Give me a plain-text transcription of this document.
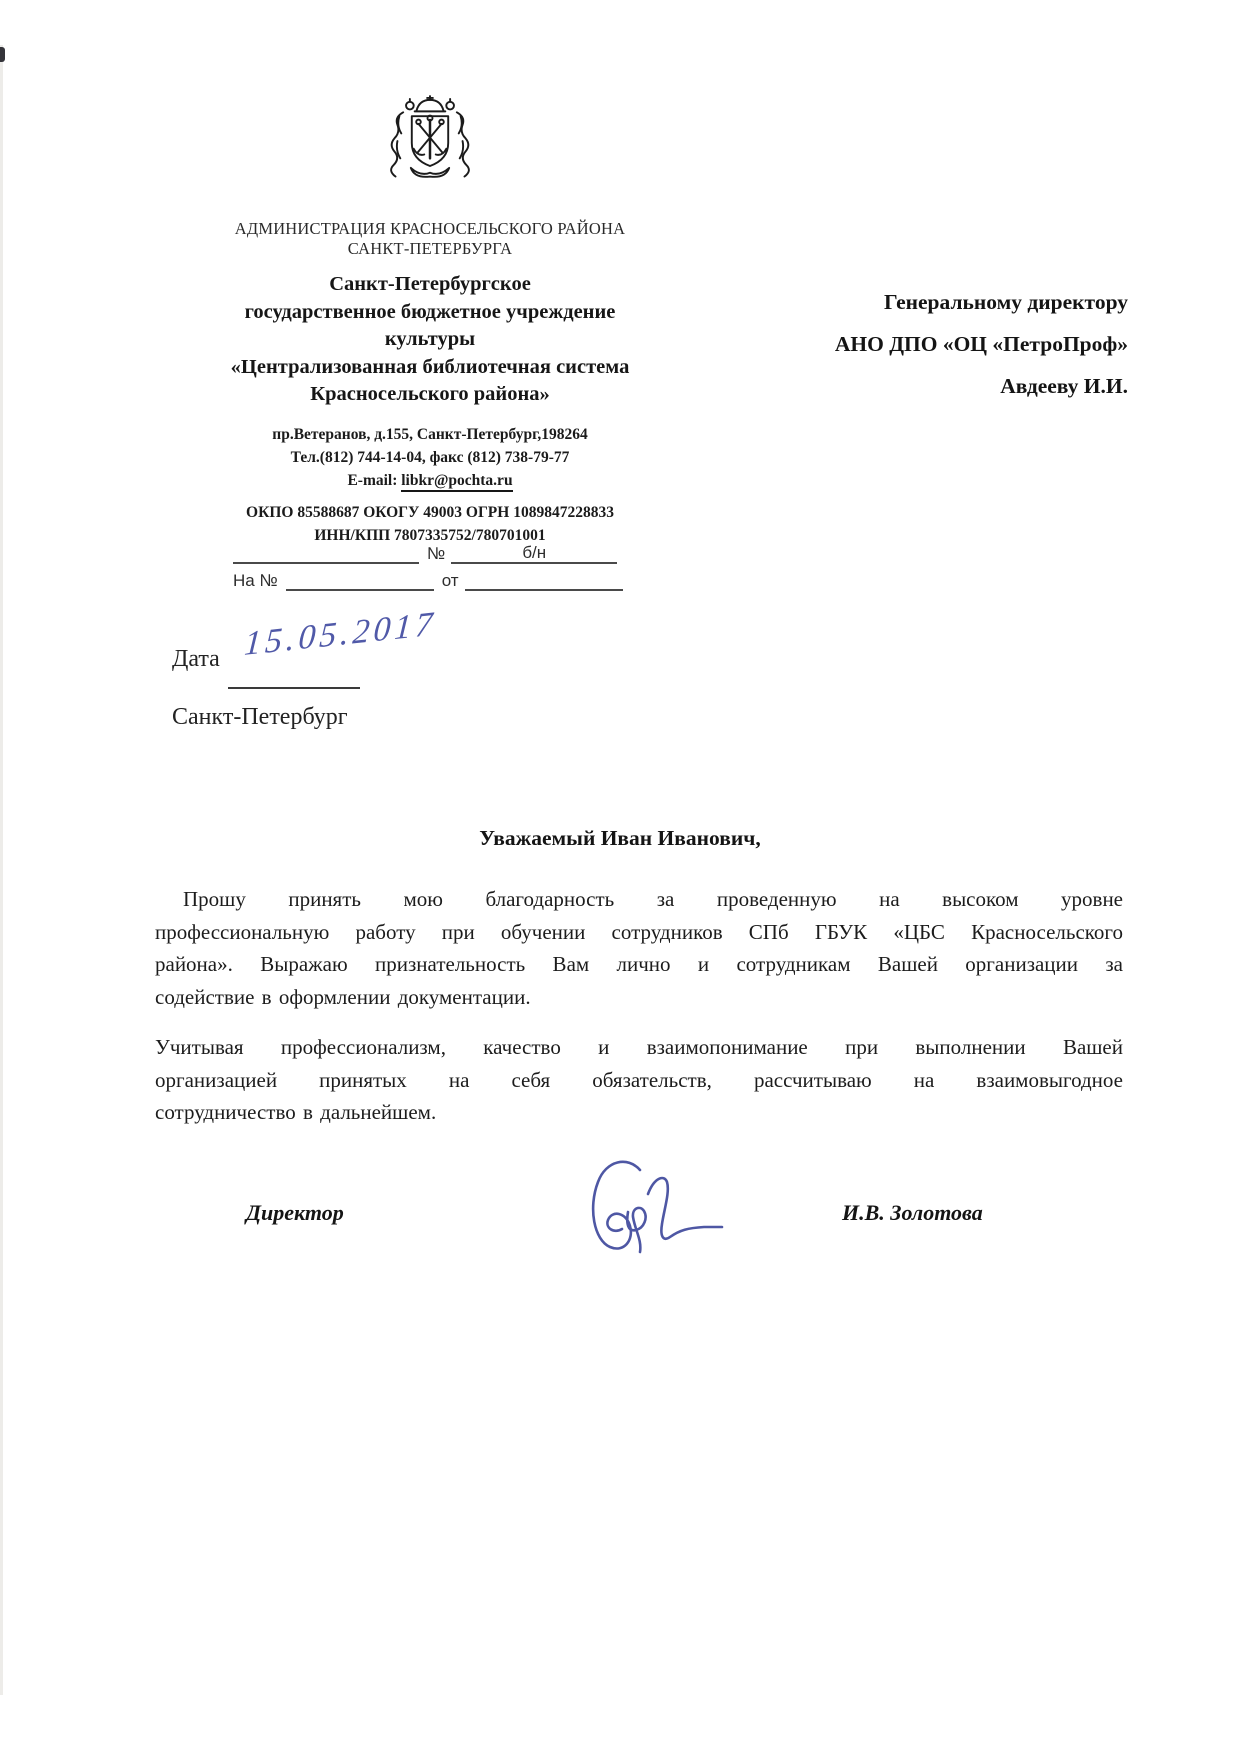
АДМИНИСТРАЦИЯ КРАСНОСЕЛЬСКОГО РАЙОНА
САНКТ-ПЕТЕРБУРГА
Санкт-Петербургское
государственное бюджетное учреждение
культуры
«Централизованная библиотечная система
Красносельского района»
пр.Ветеранов, д.155, Санкт-Петербург,198264
Тел.(812) 744-14-04, факс (812) 738-79-77
E-mail: libkr@pochta.ru
ОКПО 85588687 ОКОГУ 49003 ОГРН 1089847228833
ИНН/КПП 7807335752/780701001
№	б/н
На №	от
Генеральному директору
АНО ДПО «ОЦ «ПетроПроф»
Авдееву И.И.
Дата 15.05.2017
Санкт-Петербург
Уважаемый Иван Иванович,
Прошу принять мою благодарность за проведенную на высоком уровне
профессиональную работу при обучении сотрудников СПб ГБУК «ЦБС Красносельского
района». Выражаю признательность Вам лично и сотрудникам Вашей организации за
содействие в оформлении документации.
Учитывая профессионализм, качество и взаимопонимание при выполнении Вашей
организацией принятых на себя обязательств, рассчитываю на взаимовыгодное
сотрудничество в дальнейшем.
Директор	И.В. Золотова
